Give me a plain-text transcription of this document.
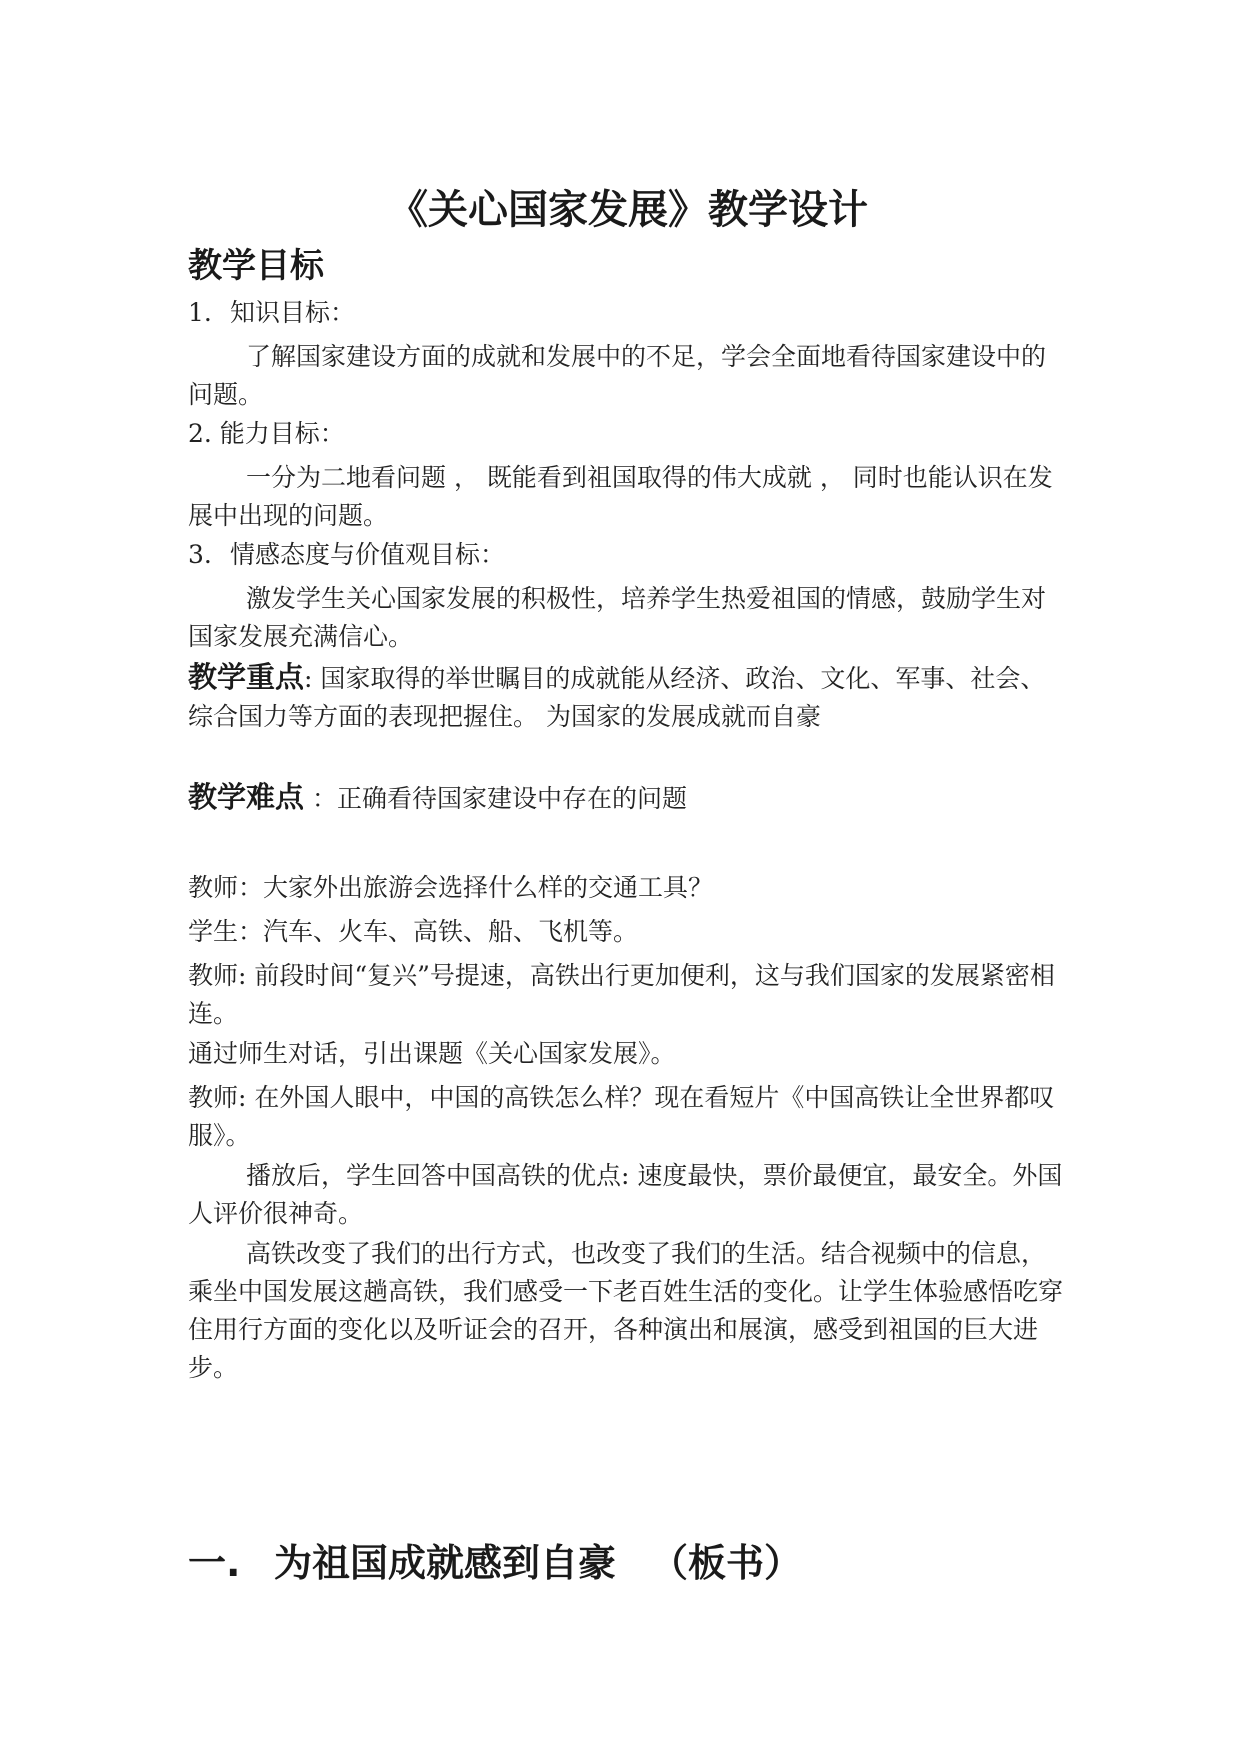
《关心国家发展》教学设计
教学目标
1. 知识目标：
了解国家建设方面的成就和发展中的不足，学会全面地看待国家建设中的问题。
2. 能力目标：
一分为二地看问题 ， 既能看到祖国取得的伟大成就 ， 同时也能认识在发展中出现的问题。
3. 情感态度与价值观目标：
激发学生关心国家发展的积极性，培养学生热爱祖国的情感，鼓励学生对国家发展充满信心。
教学重点: 国家取得的举世瞩目的成就能从经济、政治、文化、军事、社会、综合国力等方面的表现把握住。 为国家的发展成就而自豪
教学难点 ：正确看待国家建设中存在的问题
教师：大家外出旅游会选择什么样的交通工具？
学生：汽车、火车、高铁、船、飞机等。
教师: 前段时间“复兴”号提速，高铁出行更加便利，这与我们国家的发展紧密相连。
通过师生对话，引出课题《关心国家发展》。
教师: 在外国人眼中，中国的高铁怎么样？现在看短片《中国高铁让全世界都叹服》。
播放后，学生回答中国高铁的优点: 速度最快，票价最便宜，最安全。外国人评价很神奇。
高铁改变了我们的出行方式，也改变了我们的生活。结合视频中的信息，乘坐中国发展这趟高铁，我们感受一下老百姓生活的变化。让学生体验感悟吃穿住用行方面的变化以及听证会的召开，各种演出和展演，感受到祖国的巨大进步。
一. 为祖国成就感到自豪 （板书）
